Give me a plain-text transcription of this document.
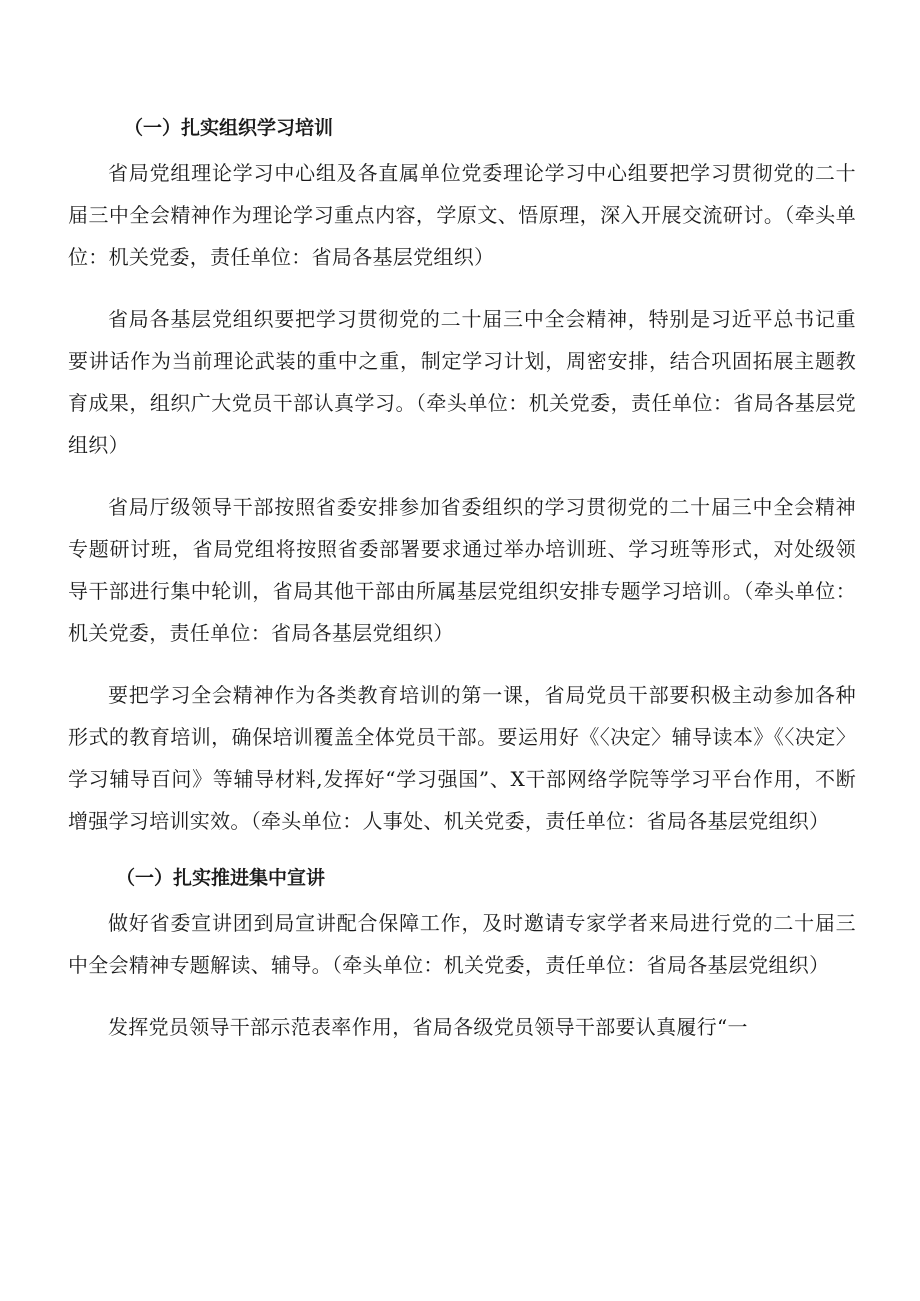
（一）扎实组织学习培训

省局党组理论学习中心组及各直属单位党委理论学习中心组要把学习贯彻党的二十届三中全会精神作为理论学习重点内容，学原文、悟原理，深入开展交流研讨。（牵头单位：机关党委，责任单位：省局各基层党组织）

省局各基层党组织要把学习贯彻党的二十届三中全会精神，特别是习近平总书记重要讲话作为当前理论武装的重中之重，制定学习计划，周密安排，结合巩固拓展主题教育成果，组织广大党员干部认真学习。（牵头单位：机关党委，责任单位：省局各基层党组织）

省局厅级领导干部按照省委安排参加省委组织的学习贯彻党的二十届三中全会精神专题研讨班，省局党组将按照省委部署要求通过举办培训班、学习班等形式，对处级领导干部进行集中轮训，省局其他干部由所属基层党组织安排专题学习培训。（牵头单位：机关党委，责任单位：省局各基层党组织）

要把学习全会精神作为各类教育培训的第一课，省局党员干部要积极主动参加各种形式的教育培训，确保培训覆盖全体党员干部。要运用好《〈决定〉辅导读本》《〈决定〉学习辅导百问》等辅导材料,发挥好“学习强国”、X干部网络学院等学习平台作用，不断增强学习培训实效。（牵头单位：人事处、机关党委，责任单位：省局各基层党组织）

（一）扎实推进集中宣讲

做好省委宣讲团到局宣讲配合保障工作，及时邀请专家学者来局进行党的二十届三中全会精神专题解读、辅导。（牵头单位：机关党委，责任单位：省局各基层党组织）

发挥党员领导干部示范表率作用，省局各级党员领导干部要认真履行“一
